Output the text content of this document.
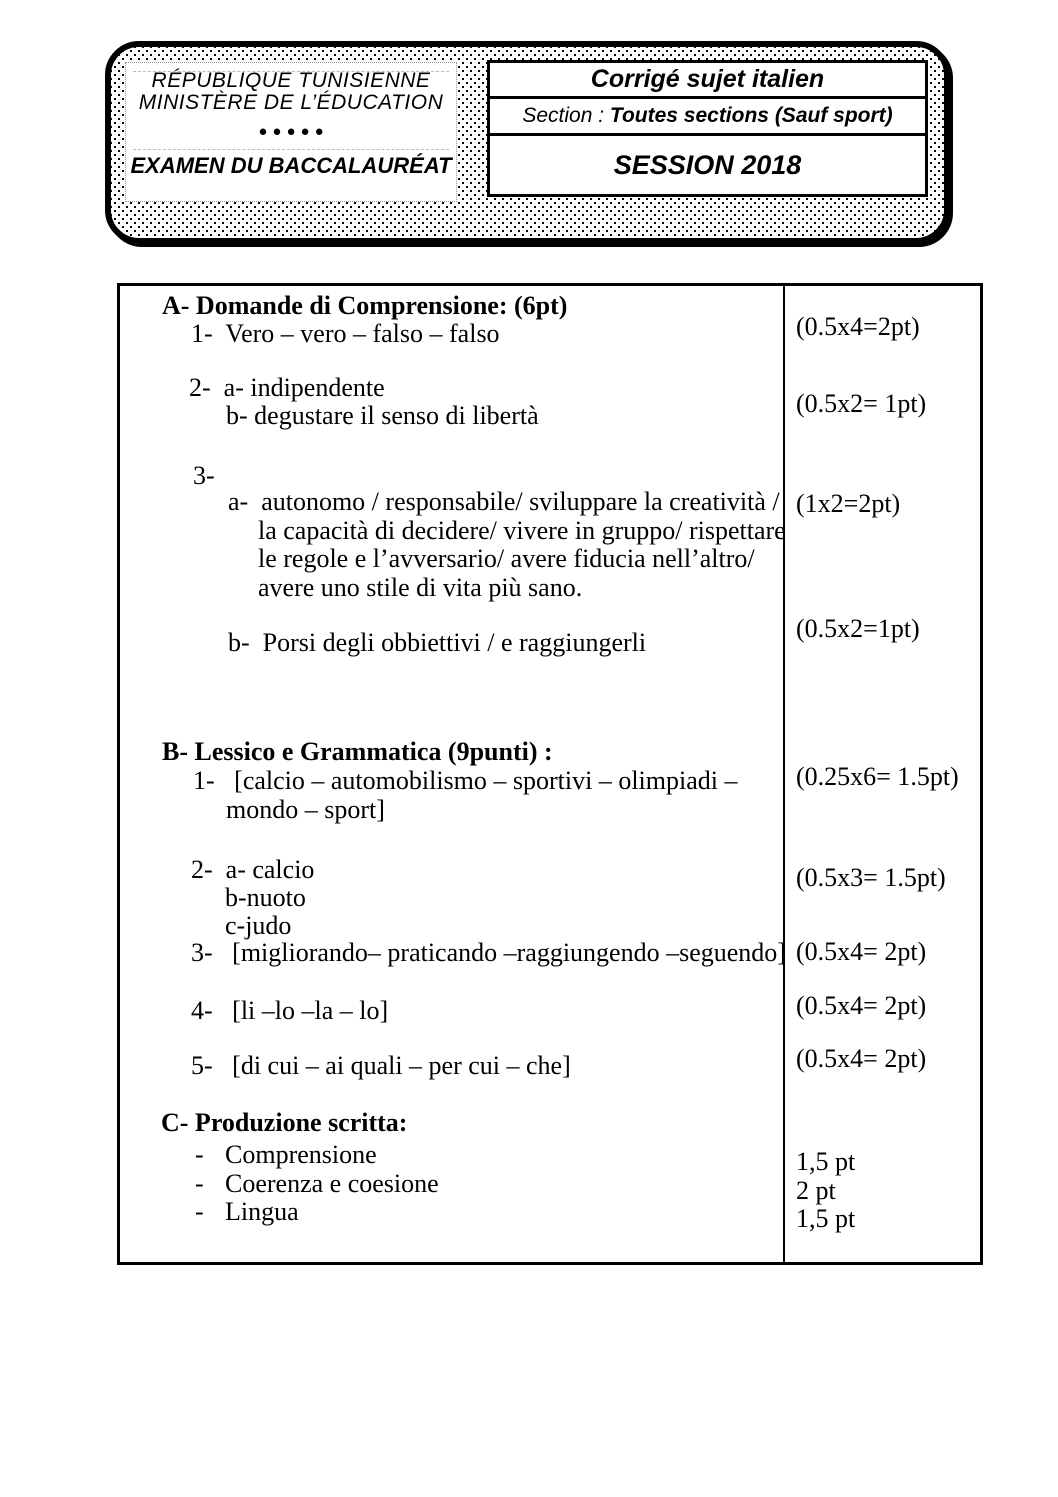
RÉPUBLIQUE TUNISIENNE
MINISTÈRE DE L’ÉDUCATION
●●●●●
EXAMEN DU BACCALAURÉAT
Corrigé sujet italien
Section : Toutes sections (Sauf sport)
SESSION 2018
A- Domande di Comprensione: (6pt)
1-  Vero – vero – falso – falso
2-  a- indipendente
b- degustare il senso di libertà
3-
a-  autonomo / responsabile/ sviluppare la creatività /
la capacità di decidere/ vivere in gruppo/ rispettare
le regole e l’avversario/ avere fiducia nell’altro/
avere uno stile di vita più sano.
b-  Porsi degli obbiettivi / e raggiungerli
B- Lessico e Grammatica (9punti) :
1-   [calcio – automobilismo – sportivi – olimpiadi –
mondo – sport]
2-  a- calcio
b-nuoto
c-judo
3-   [migliorando– praticando –raggiungendo –seguendo]
4-   [li –lo –la – lo]
5-   [di cui – ai quali – per cui – che]
C- Produzione scritta:
- Comprensione
- Coerenza e coesione
- Lingua
(0.5x4=2pt)
(0.5x2= 1pt)
(1x2=2pt)
(0.5x2=1pt)
(0.25x6= 1.5pt)
(0.5x3= 1.5pt)
(0.5x4= 2pt)
(0.5x4= 2pt)
(0.5x4= 2pt)
1,5 pt
2 pt
1,5 pt
